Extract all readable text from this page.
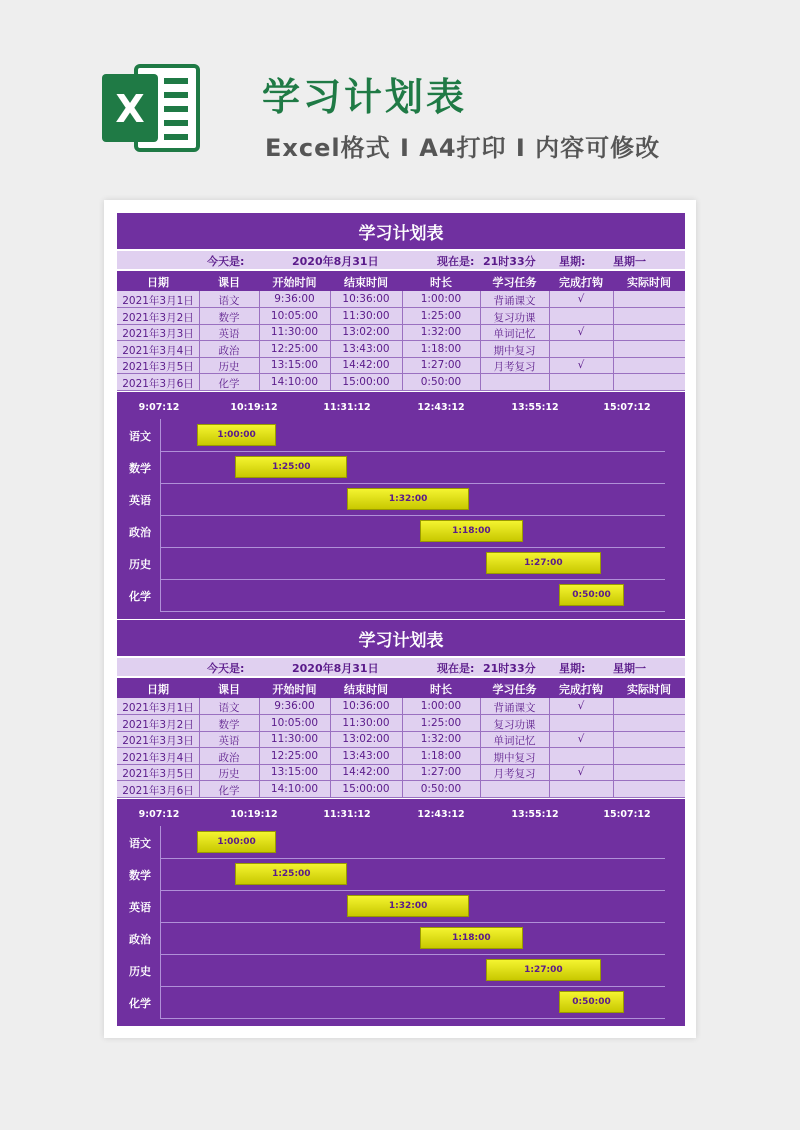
X	学习计划表
Excel格式 I A4打印 I 内容可修改
学习计划表
今天是:	2020年8月31日	现在是: 21时33分 星期:	星期一
日期	课目	开始时间	结束时间	时长	学习任务	完成打钩	实际时间
2021年3月1日	语文	9:36:00	10:36:00	1:00:00	背诵课文	√
2021年3月2日	数学	10:05:00	11:30:00	1:25:00	复习功课
2021年3月3日	英语	11:30:00	13:02:00	1:32:00	单词记忆	√
2021年3月4日	政治	12:25:00	13:43:00	1:18:00	期中复习
2021年3月5日	历史	13:15:00	14:42:00	1:27:00	月考复习	√
2021年3月6日	化学	14:10:00	15:00:00	0:50:00
9:07:12	10:19:12	11:31:12	12:43:12	13:55:12	15:07:12
语文	1:00:00
数学	1:25:00
英语	1:32:00
政治	1:18:00
历史	1:27:00
化学	0:50:00
学习计划表
今天是:	2020年8月31日	现在是: 21时33分 星期:	星期一
日期	课目	开始时间	结束时间	时长	学习任务	完成打钩	实际时间
2021年3月1日	语文	9:36:00	10:36:00	1:00:00	背诵课文	√
2021年3月2日	数学	10:05:00	11:30:00	1:25:00	复习功课
2021年3月3日	英语	11:30:00	13:02:00	1:32:00	单词记忆	√
2021年3月4日	政治	12:25:00	13:43:00	1:18:00	期中复习
2021年3月5日	历史	13:15:00	14:42:00	1:27:00	月考复习	√
2021年3月6日	化学	14:10:00	15:00:00	0:50:00
9:07:12	10:19:12	11:31:12	12:43:12	13:55:12	15:07:12
语文	1:00:00
数学	1:25:00
英语	1:32:00
政治	1:18:00
历史	1:27:00
化学	0:50:00
